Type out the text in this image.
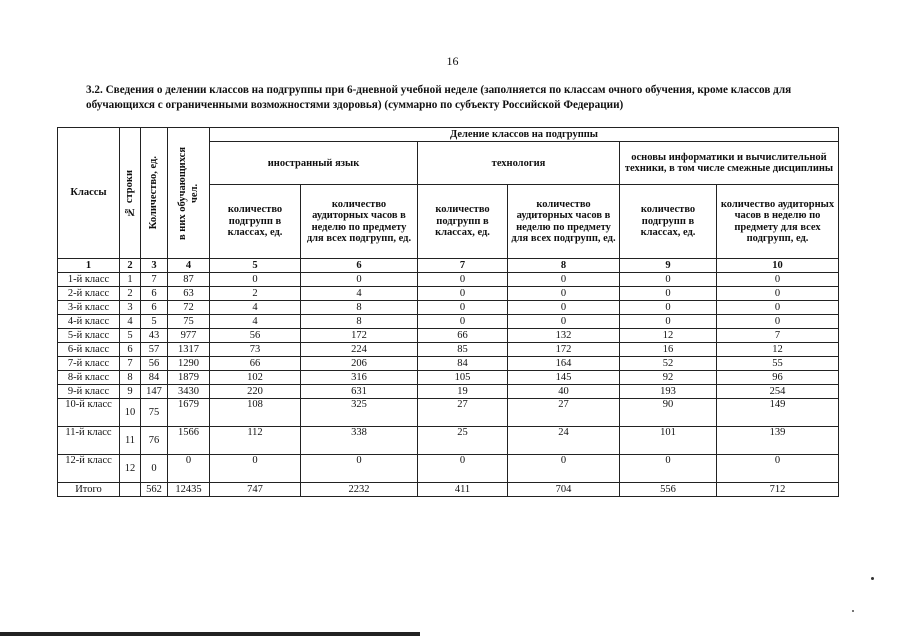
16
3.2. Сведения о делении классов на подгруппы при 6-дневной учебной неделе (заполняется по классам очного обучения, кроме классов для обучающихся с ограниченными возможностями здоровья) (суммарно по субъекту Российской Федерации)
Классы	№ строки	Количество, ед.	в них обучающихся чел.	Деление классов на подгруппы					
				иностранный язык		технология		основы информатики и вычислительной техники, в том числе смежные дисциплины	
				количество подгрупп в классах, ед.	количество аудиторных часов в неделю по предмету для всех подгрупп, ед.	количество подгрупп в классах, ед.	количество аудиторных часов в неделю по предмету для всех подгрупп, ед.	количество подгрупп в классах, ед.	количество аудиторных часов в неделю по предмету для всех подгрупп, ед.
1	2	3	4	5	6	7	8	9	10
1-й класс	1	7	87	0	0	0	0	0	0
2-й класс	2	6	63	2	4	0	0	0	0
3-й класс	3	6	72	4	8	0	0	0	0
4-й класс	4	5	75	4	8	0	0	0	0
5-й класс	5	43	977	56	172	66	132	12	7
6-й класс	6	57	1317	73	224	85	172	16	12
7-й класс	7	56	1290	66	206	84	164	52	55
8-й класс	8	84	1879	102	316	105	145	92	96
9-й класс	9	147	3430	220	631	19	40	193	254
10-й класс	10	75	1679	108	325	27	27	90	149
11-й класс	11	76	1566	112	338	25	24	101	139
12-й класс	12	0	0	0	0	0	0	0	0
Итого		562	12435	747	2232	411	704	556	712
